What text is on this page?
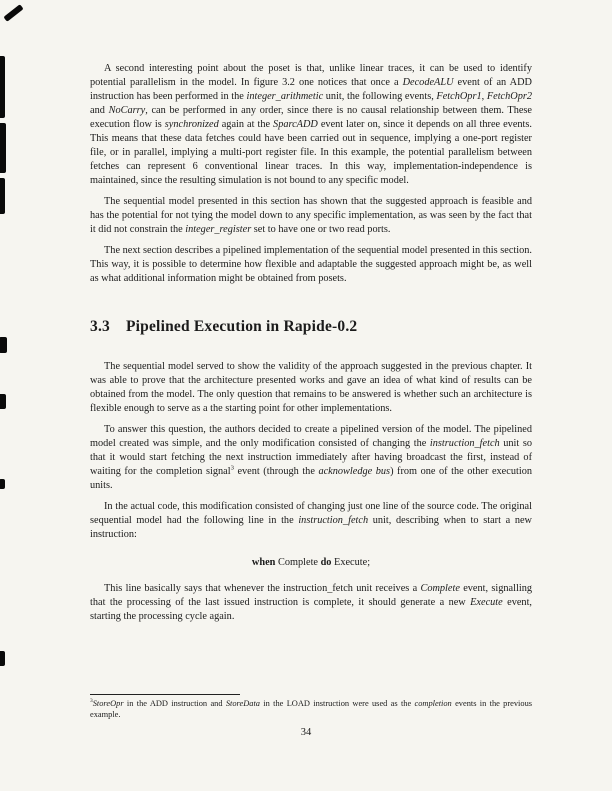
A second interesting point about the poset is that, unlike linear traces, it can be used to identify potential parallelism in the model. In figure 3.2 one notices that once a DecodeALU event of an ADD instruction has been performed in the integer_arithmetic unit, the following events, FetchOpr1, FetchOpr2 and NoCarry, can be performed in any order, since there is no causal relationship between them. These execution flow is synchronized again at the SparcADD event later on, since it depends on all three events. This means that these data fetches could have been carried out in sequence, implying a one-port register file, or in parallel, implying a multi-port register file. In this example, the potential parallelism between fetches can represent 6 conventional linear traces. In this way, implementation-independence is maintained, since the resulting simulation is not bound to any specific model.

The sequential model presented in this section has shown that the suggested approach is feasible and has the potential for not tying the model down to any specific implementation, as was seen by the fact that it did not constrain the integer_register set to have one or two read ports.

The next section describes a pipelined implementation of the sequential model presented in this section. This way, it is possible to determine how flexible and adaptable the suggested approach might be, as well as what additional information might be obtained from posets.

3.3 Pipelined Execution in Rapide-0.2

The sequential model served to show the validity of the approach suggested in the previous chapter. It was able to prove that the architecture presented works and gave an idea of what kind of results can be obtained from the model. The only question that remains to be answered is whether such an architecture is flexible enough to serve as a the starting point for other implementations.

To answer this question, the authors decided to create a pipelined version of the model. The pipelined model created was simple, and the only modification consisted of changing the instruction_fetch unit so that it would start fetching the next instruction immediately after having broadcast the first, instead of waiting for the completion signal$^3$ event (through the acknowledge bus) from one of the other execution units.

In the actual code, this modification consisted of changing just one line of the source code. The original sequential model had the following line in the instruction_fetch unit, describing when to start a new instruction:

when Complete do Execute;

This line basically says that whenever the instruction_fetch unit receives a Complete event, signalling that the processing of the last issued instruction is complete, it should generate a new Execute event, starting the processing cycle again.

$^3$StoreOpr in the ADD instruction and StoreData in the LOAD instruction were used as the completion events in the previous example.

34
